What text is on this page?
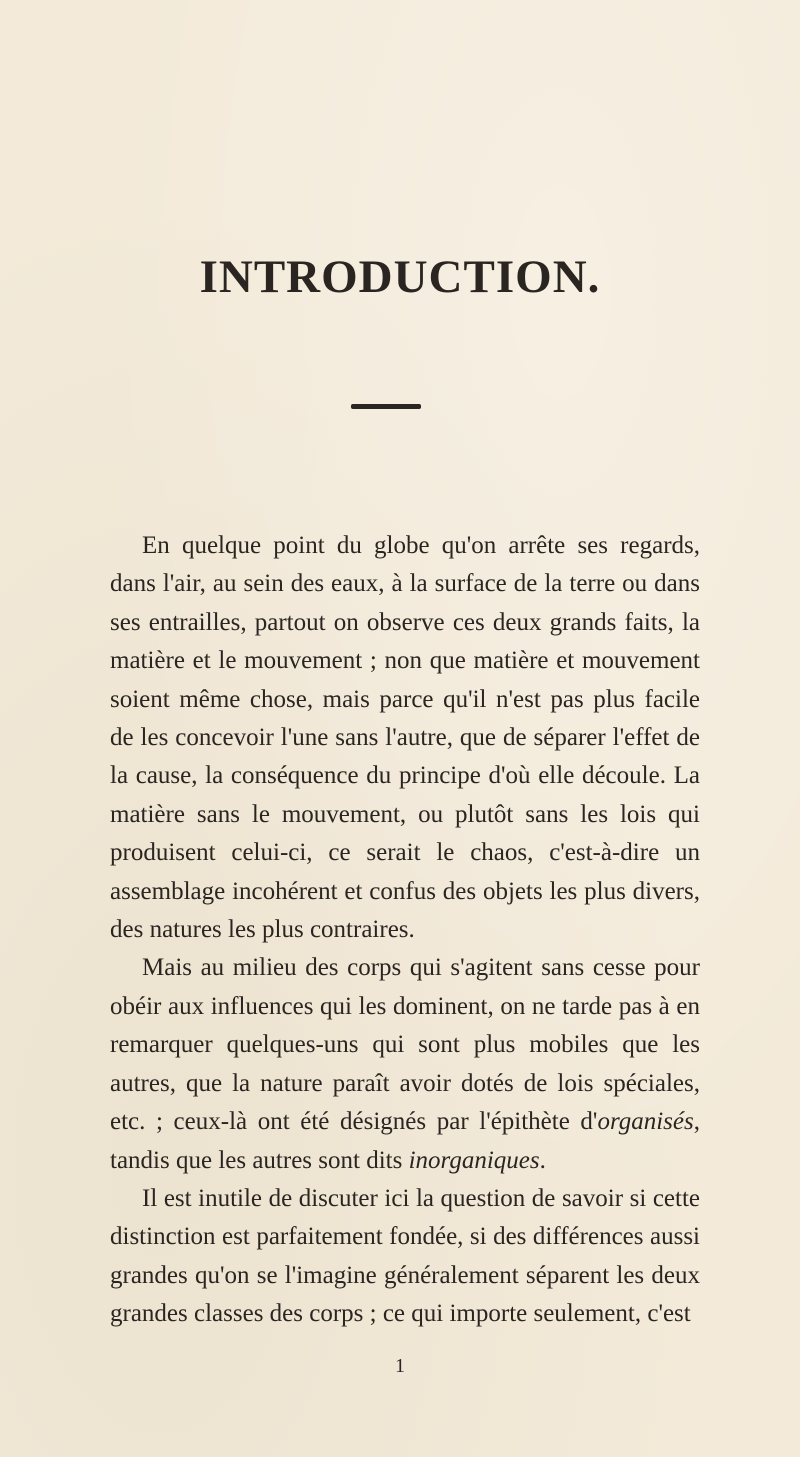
INTRODUCTION.

En quelque point du globe qu'on arrête ses regards, dans l'air, au sein des eaux, à la surface de la terre ou dans ses entrailles, partout on observe ces deux grands faits, la matière et le mouvement ; non que matière et mouvement soient même chose, mais parce qu'il n'est pas plus facile de les concevoir l'une sans l'autre, que de séparer l'effet de la cause, la conséquence du principe d'où elle découle. La matière sans le mouvement, ou plutôt sans les lois qui produisent celui-ci, ce serait le chaos, c'est-à-dire un assemblage incohérent et confus des objets les plus divers, des natures les plus contraires.

Mais au milieu des corps qui s'agitent sans cesse pour obéir aux influences qui les dominent, on ne tarde pas à en remarquer quelques-uns qui sont plus mobiles que les autres, que la nature paraît avoir dotés de lois spéciales, etc. ; ceux-là ont été désignés par l'épithète d'organisés, tandis que les autres sont dits inorganiques.

Il est inutile de discuter ici la question de savoir si cette distinction est parfaitement fondée, si des différences aussi grandes qu'on se l'imagine généralement séparent les deux grandes classes des corps ; ce qui importe seulement, c'est

1
